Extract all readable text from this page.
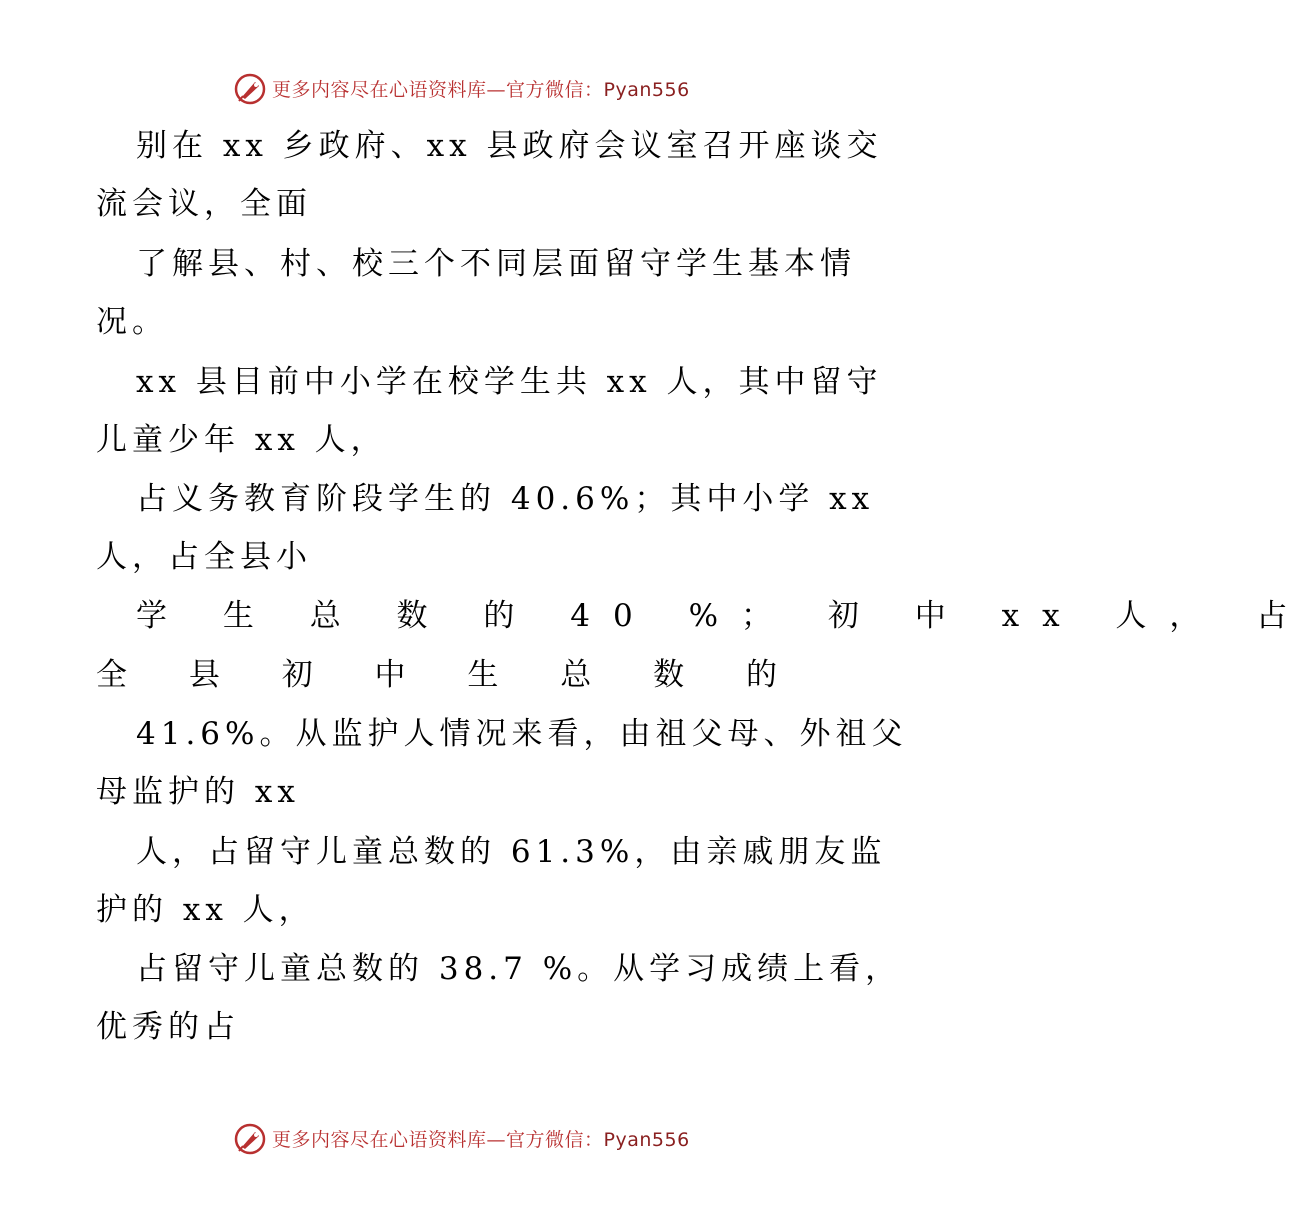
更多内容尽在心语资料库—官方微信：Pyan556
别在 xx 乡政府、xx 县政府会议室召开座谈交
流会议，全面
了解县、村、校三个不同层面留守学生基本情
况。
xx 县目前中小学在校学生共 xx 人，其中留守
儿童少年 xx 人，
占义务教育阶段学生的 40.6%；其中小学 xx
人，占全县小
学 生 总 数 的 40 %； 初 中 xx 人， 占
全 县 初 中 生 总 数 的
41.6%。从监护人情况来看，由祖父母、外祖父
母监护的 xx
人，占留守儿童总数的 61.3%，由亲戚朋友监
护的 xx 人，
占留守儿童总数的 38.7 %。从学习成绩上看，
优秀的占
更多内容尽在心语资料库—官方微信：Pyan556
